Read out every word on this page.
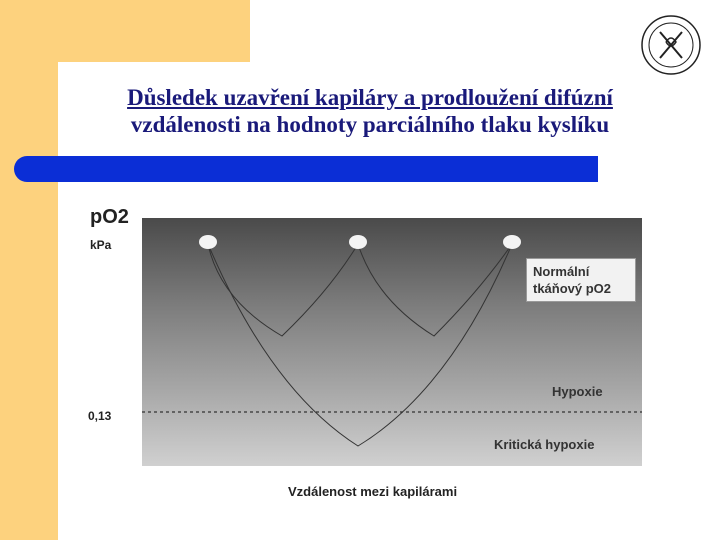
Důsledek uzavření kapiláry a prodloužení difúzní
vzdálenosti na hodnoty parciálního tlaku kyslíku
pO2
kPa
0,13
Normální
tkáňový pO2
Hypoxie
Kritická hypoxie
Vzdálenost mezi kapilárami
